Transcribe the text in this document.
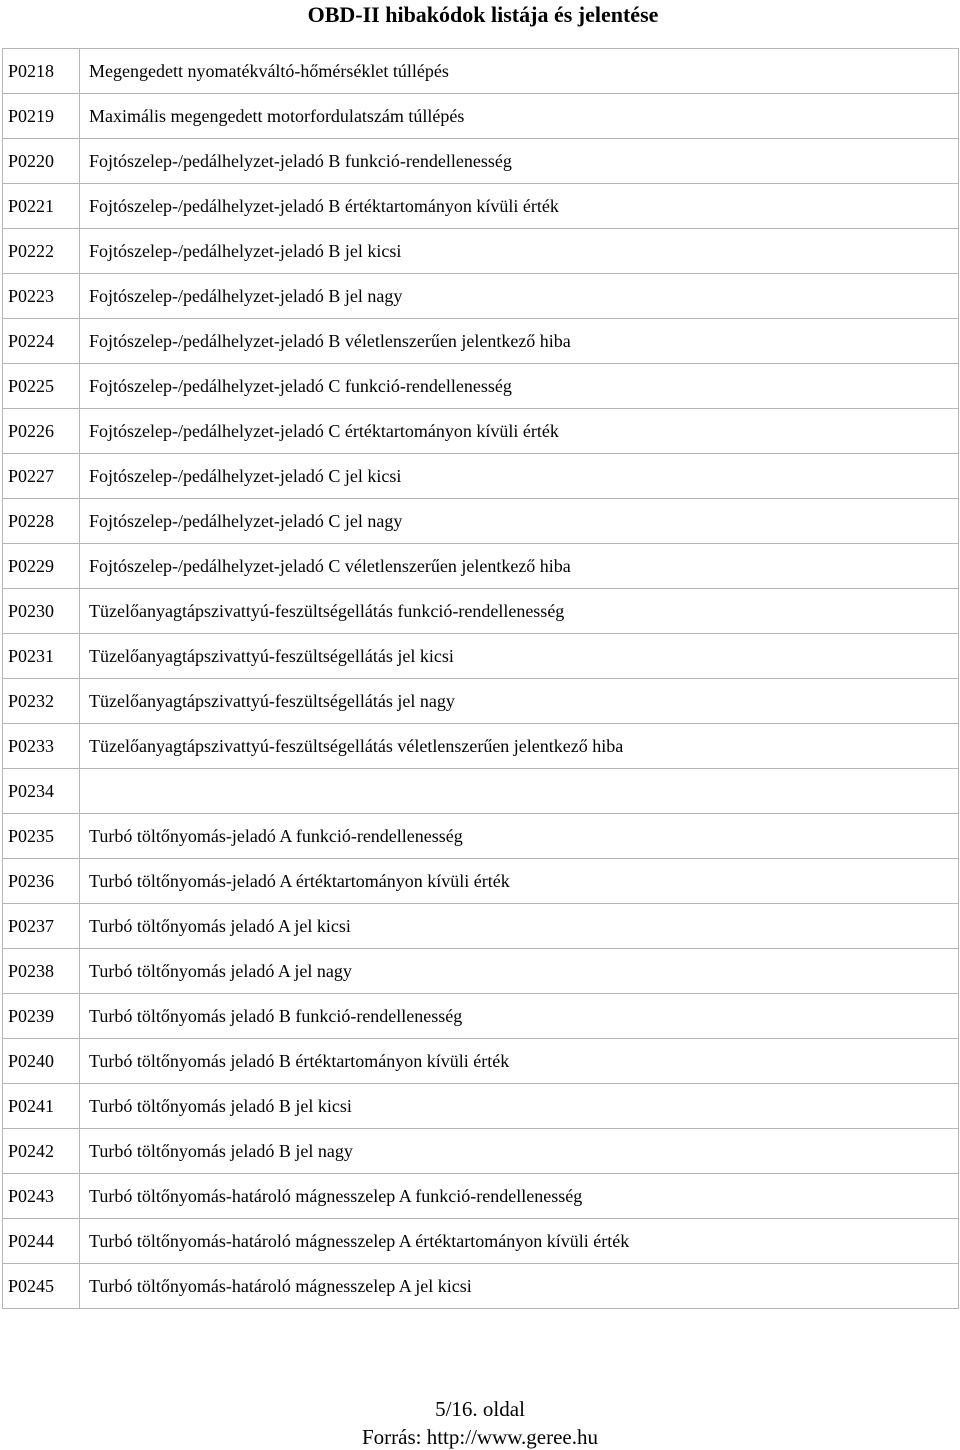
OBD-II hibakódok listája és jelentése
P0218	Megengedett nyomatékváltó-hőmérséklet túllépés
P0219	Maximális megengedett motorfordulatszám túllépés
P0220	Fojtószelep-/pedálhelyzet-jeladó B funkció-rendellenesség
P0221	Fojtószelep-/pedálhelyzet-jeladó B értéktartományon kívüli érték
P0222	Fojtószelep-/pedálhelyzet-jeladó B jel kicsi
P0223	Fojtószelep-/pedálhelyzet-jeladó B jel nagy
P0224	Fojtószelep-/pedálhelyzet-jeladó B véletlenszerűen jelentkező hiba
P0225	Fojtószelep-/pedálhelyzet-jeladó C funkció-rendellenesség
P0226	Fojtószelep-/pedálhelyzet-jeladó C értéktartományon kívüli érték
P0227	Fojtószelep-/pedálhelyzet-jeladó C jel kicsi
P0228	Fojtószelep-/pedálhelyzet-jeladó C jel nagy
P0229	Fojtószelep-/pedálhelyzet-jeladó C véletlenszerűen jelentkező hiba
P0230	Tüzelőanyagtápszivattyú-feszültségellátás funkció-rendellenesség
P0231	Tüzelőanyagtápszivattyú-feszültségellátás jel kicsi
P0232	Tüzelőanyagtápszivattyú-feszültségellátás jel nagy
P0233	Tüzelőanyagtápszivattyú-feszültségellátás véletlenszerűen jelentkező hiba
P0234	
P0235	Turbó töltőnyomás-jeladó A funkció-rendellenesség
P0236	Turbó töltőnyomás-jeladó A értéktartományon kívüli érték
P0237	Turbó töltőnyomás jeladó A jel kicsi
P0238	Turbó töltőnyomás jeladó A jel nagy
P0239	Turbó töltőnyomás jeladó B funkció-rendellenesség
P0240	Turbó töltőnyomás jeladó B értéktartományon kívüli érték
P0241	Turbó töltőnyomás jeladó B jel kicsi
P0242	Turbó töltőnyomás jeladó B jel nagy
P0243	Turbó töltőnyomás-határoló mágnesszelep A funkció-rendellenesség
P0244	Turbó töltőnyomás-határoló mágnesszelep A értéktartományon kívüli érték
P0245	Turbó töltőnyomás-határoló mágnesszelep A jel kicsi
5/16. oldal
Forrás: http://www.geree.hu
